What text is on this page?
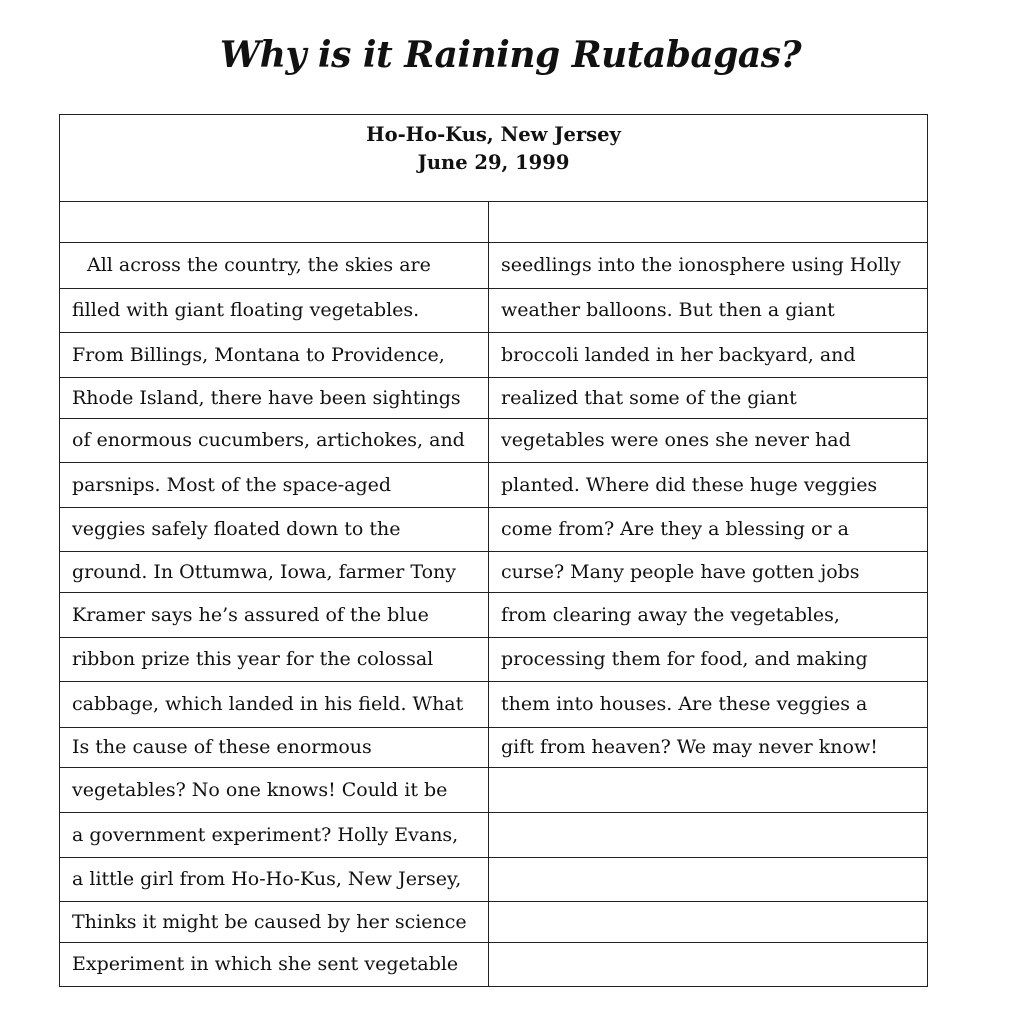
Why is it Raining Rutabagas?
Ho-Ho-Kus, New Jersey
June 29, 1999	

All across the country, the skies are	seedlings into the ionosphere using Holly
filled with giant floating vegetables.	weather balloons. But then a giant
From Billings, Montana to Providence,	broccoli landed in her backyard, and
Rhode Island, there have been sightings	realized that some of the giant
of enormous cucumbers, artichokes, and	vegetables were ones she never had
parsnips. Most of the space-aged	planted. Where did these huge veggies
veggies safely floated down to the	come from? Are they a blessing or a
ground. In Ottumwa, Iowa, farmer Tony	curse? Many people have gotten jobs
Kramer says he’s assured of the blue	from clearing away the vegetables,
ribbon prize this year for the colossal	processing them for food, and making
cabbage, which landed in his field. What	them into houses. Are these veggies a
Is the cause of these enormous	gift from heaven? We may never know!
vegetables? No one knows! Could it be	
a government experiment? Holly Evans,	
a little girl from Ho-Ho-Kus, New Jersey,	
Thinks it might be caused by her science	
Experiment in which she sent vegetable	
